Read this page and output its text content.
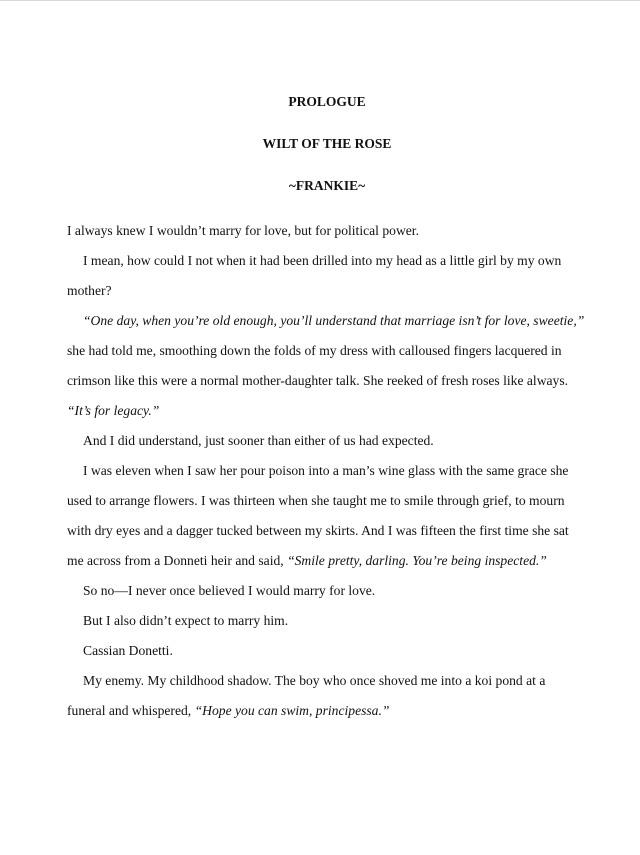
PROLOGUE
WILT OF THE ROSE
~FRANKIE~

I always knew I wouldn’t marry for love, but for political power.

I mean, how could I not when it had been drilled into my head as a little girl by my own mother?

“One day, when you’re old enough, you’ll understand that marriage isn’t for love, sweetie,” she had told me, smoothing down the folds of my dress with calloused fingers lacquered in crimson like this were a normal mother-daughter talk. She reeked of fresh roses like always. “It’s for legacy.”

And I did understand, just sooner than either of us had expected.

I was eleven when I saw her pour poison into a man’s wine glass with the same grace she used to arrange flowers. I was thirteen when she taught me to smile through grief, to mourn with dry eyes and a dagger tucked between my skirts. And I was fifteen the first time she sat me across from a Donneti heir and said, “Smile pretty, darling. You’re being inspected.”

So no—I never once believed I would marry for love.

But I also didn’t expect to marry him.

Cassian Donetti.

My enemy. My childhood shadow. The boy who once shoved me into a koi pond at a funeral and whispered, “Hope you can swim, principessa.”
